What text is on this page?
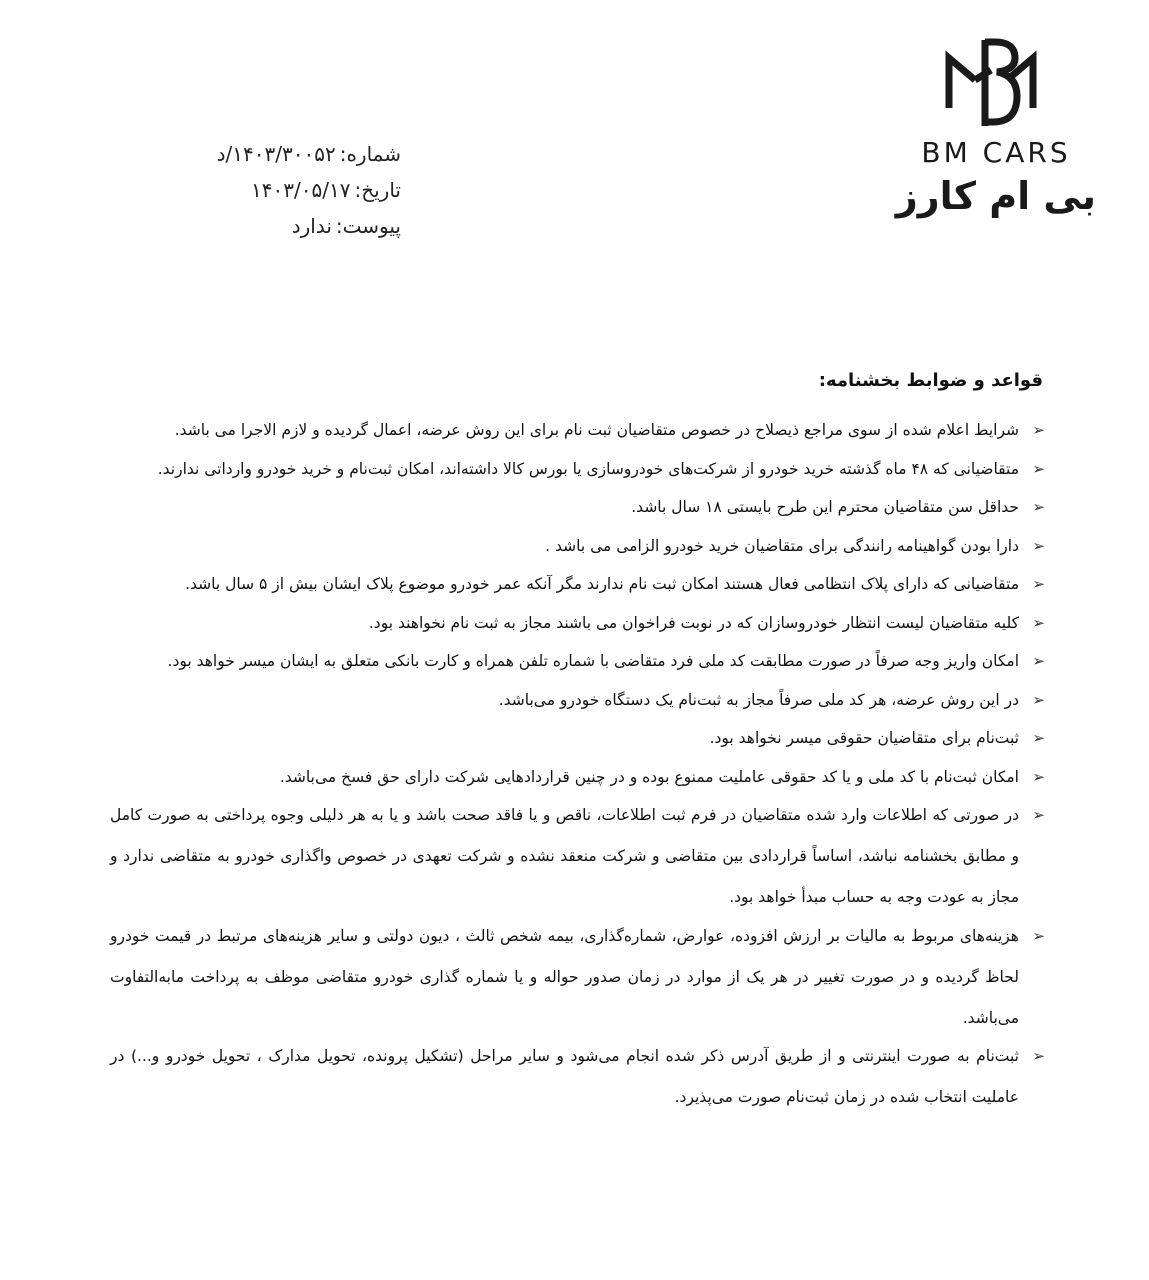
BM CARS
بی ام کارز
شماره:۱۴۰۳/۳۰۰۵۲/د
تاریخ:۱۴۰۳/۰۵/۱۷
پیوست:ندارد
قواعد و ضوابط بخشنامه:
➢
شرایط اعلام شده از سوی مراجع ذیصلاح در خصوص متقاضیان ثبت نام برای این روش عرضه، اعمال گردیده و لازم الاجرا می باشد.
➢
متقاضیانی که ۴۸ ماه گذشته خرید خودرو از شرکت‌های خودروسازی یا بورس کالا داشته‌اند، امکان ثبت‌نام و خرید خودرو وارداتی ندارند.
➢
حداقل سن متقاضیان محترم این طرح بایستی ۱۸ سال باشد.
➢
دارا بودن گواهینامه رانندگی برای متقاضیان خرید خودرو الزامی می باشد .
➢
متقاضیانی که دارای پلاک انتظامی فعال هستند امکان ثبت نام ندارند مگر آنکه عمر خودرو موضوع پلاک ایشان بیش از ۵ سال باشد.
➢
کلیه متقاضیان لیست انتظار خودروسازان که در نوبت فراخوان می باشند مجاز به ثبت نام نخواهند بود.
➢
امکان واریز وجه صرفاً در صورت مطابقت کد ملی فرد متقاضی با شماره تلفن همراه و کارت بانکی متعلق به ایشان میسر خواهد بود.
➢
در این روش عرضه، هر کد ملی صرفاً مجاز به ثبت‌نام یک دستگاه خودرو می‌باشد.
➢
ثبت‌نام برای متقاضیان حقوقی میسر نخواهد بود.
➢
امکان ثبت‌نام با کد ملی و یا کد حقوقی عاملیت ممنوع بوده و در چنین قراردادهایی شرکت دارای حق فسخ می‌باشد.
➢
در صورتی که اطلاعات وارد شده متقاضیان در فرم ثبت اطلاعات، ناقص و یا فاقد صحت باشد و یا به هر دلیلی وجوه پرداختی به صورت کامل و مطابق بخشنامه نباشد، اساساً قراردادی بین متقاضی و شرکت منعقد نشده و شرکت تعهدی در خصوص واگذاری خودرو به متقاضی ندارد و مجاز به عودت وجه به حساب مبدأ خواهد بود.
➢
هزینه‌های مربوط به مالیات بر ارزش افزوده، عوارض، شماره‌گذاری، بیمه شخص ثالث ، دیون دولتی و سایر هزینه‌های مرتبط در قیمت خودرو لحاظ گردیده و در صورت تغییر در هر یک از موارد در زمان صدور حواله و یا شماره گذاری خودرو متقاضی موظف به پرداخت مابه‌التفاوت می‌باشد.
➢
ثبت‌نام به صورت اینترنتی و از طریق آدرس ذکر شده انجام می‌شود و سایر مراحل (تشکیل پرونده، تحویل مدارک ، تحویل خودرو و...) در عاملیت انتخاب شده در زمان ثبت‌نام صورت می‌پذیرد.
